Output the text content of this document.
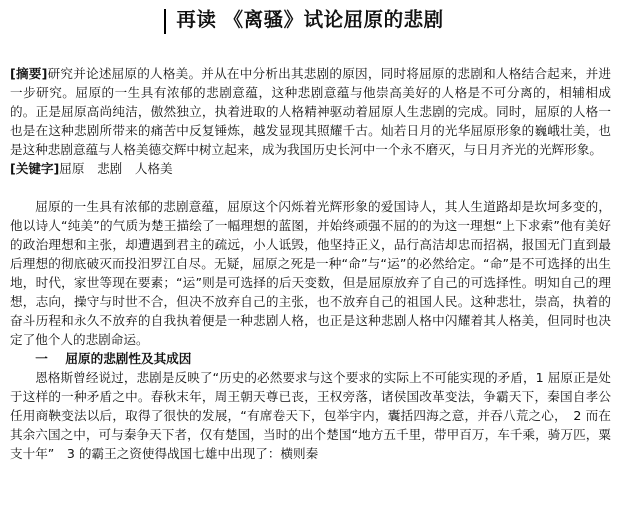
再读 《离骚》试论屈原的悲剧

[摘要]研究并论述屈原的人格美。并从在中分析出其悲剧的原因，同时将屈原的悲剧和人格结合起来，并进一步研究。屈原的一生具有浓郁的悲剧意蕴，这种悲剧意蕴与他崇高美好的人格是不可分离的，相辅相成的。正是屈原高尚纯洁，傲然独立，执着进取的人格精神驱动着屈原人生悲剧的完成。同时，屈原的人格一也是在这种悲剧所带来的痛苦中反复锤炼，越发显现其照耀千古。灿若日月的光华屈原形象的巍峨壮美，也是这种悲剧意蕴与人格美德交辉中树立起来，成为我国历史长河中一个永不磨灭，与日月齐光的光辉形象。

[关键字]屈原　悲剧　人格美

屈原的一生具有浓郁的悲剧意蕴，屈原这个闪烁着光辉形象的爱国诗人，其人生道路却是坎坷多变的，他以诗人“纯美”的气质为楚王描绘了一幅理想的蓝图，并始终顽强不屈的的为这一理想“上下求索”他有美好的政治理想和主张，却遭遇到君主的疏远，小人诋毁，他坚持正义，品行高洁却忠而招祸，报国无门直到最后理想的彻底破灭而投汨罗江自尽。无疑，屈原之死是一种“命”与“运”的必然给定。“命”是不可选择的出生地，时代，家世等现在要素；“运”则是可选择的后天变数，但是屈原放弃了自己的可选择性。明知自己的理想，志向，操守与时世不合，但决不放弃自己的主张，也不放弃自己的祖国人民。这种悲壮，崇高，执着的奋斗历程和永久不放弃的自我执着便是一种悲剧人格，也正是这种悲剧人格中闪耀着其人格美，但同时也决定了他个人的悲剧命运。

一 屈原的悲剧性及其成因

恩格斯曾经说过，悲剧是反映了“历史的必然要求与这个要求的实际上不可能实现的矛盾，1 屈原正是处于这样的一种矛盾之中。春秋末年，周王朝天尊已丧，王权旁落，诸侯国改革变法，争霸天下，秦国自孝公任用商鞅变法以后，取得了很快的发展，“有席卷天下，包举宇内，囊括四海之意，并吞八荒之心，　2 而在其余六国之中，可与秦争天下者，仅有楚国，当时的出个楚国“地方五千里，带甲百万，车千乘，骑万匹，粟支十年”　3 的霸王之资使得战国七雄中出现了：横则秦
